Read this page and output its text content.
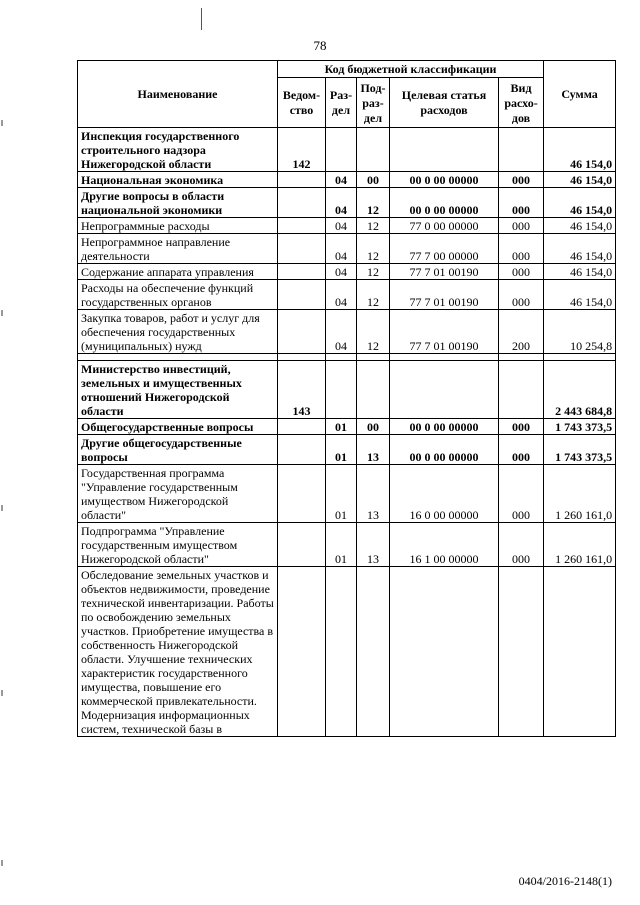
78
Наименование	Код бюджетной классификации					Сумма
	Ведом-ство	Раз-дел	Под-раз-дел	Целевая статья расходов	Вид расхо-дов	
Инспекция государственного строительного надзора Нижегородской области	142					46 154,0
Национальная экономика		04	00	00 0 00 00000	000	46 154,0
Другие вопросы в области национальной экономики		04	12	00 0 00 00000	000	46 154,0
Непрограммные расходы		04	12	77 0 00 00000	000	46 154,0
Непрограммное направление деятельности		04	12	77 7 00 00000	000	46 154,0
Содержание аппарата управления		04	12	77 7 01 00190	000	46 154,0
Расходы на обеспечение функций государственных органов		04	12	77 7 01 00190	000	46 154,0
Закупка товаров, работ и услуг для обеспечения государственных (муниципальных) нужд		04	12	77 7 01 00190	200	10 254,8

Министерство инвестиций, земельных и имущественных отношений Нижегородской области	143					2 443 684,8
Общегосударственные вопросы		01	00	00 0 00 00000	000	1 743 373,5
Другие общегосударственные вопросы		01	13	00 0 00 00000	000	1 743 373,5
Государственная программа "Управление государственным имуществом Нижегородской области"		01	13	16 0 00 00000	000	1 260 161,0
Подпрограмма "Управление государственным имуществом Нижегородской области"		01	13	16 1 00 00000	000	1 260 161,0
Обследование земельных участков и объектов недвижимости, проведение технической инвентаризации. Работы по освобождению земельных участков. Приобретение имущества в собственность Нижегородской области. Улучшение технических характеристик государственного имущества, повышение его коммерческой привлекательности. Модернизация информационных систем, технической базы в						
0404/2016-2148(1)
